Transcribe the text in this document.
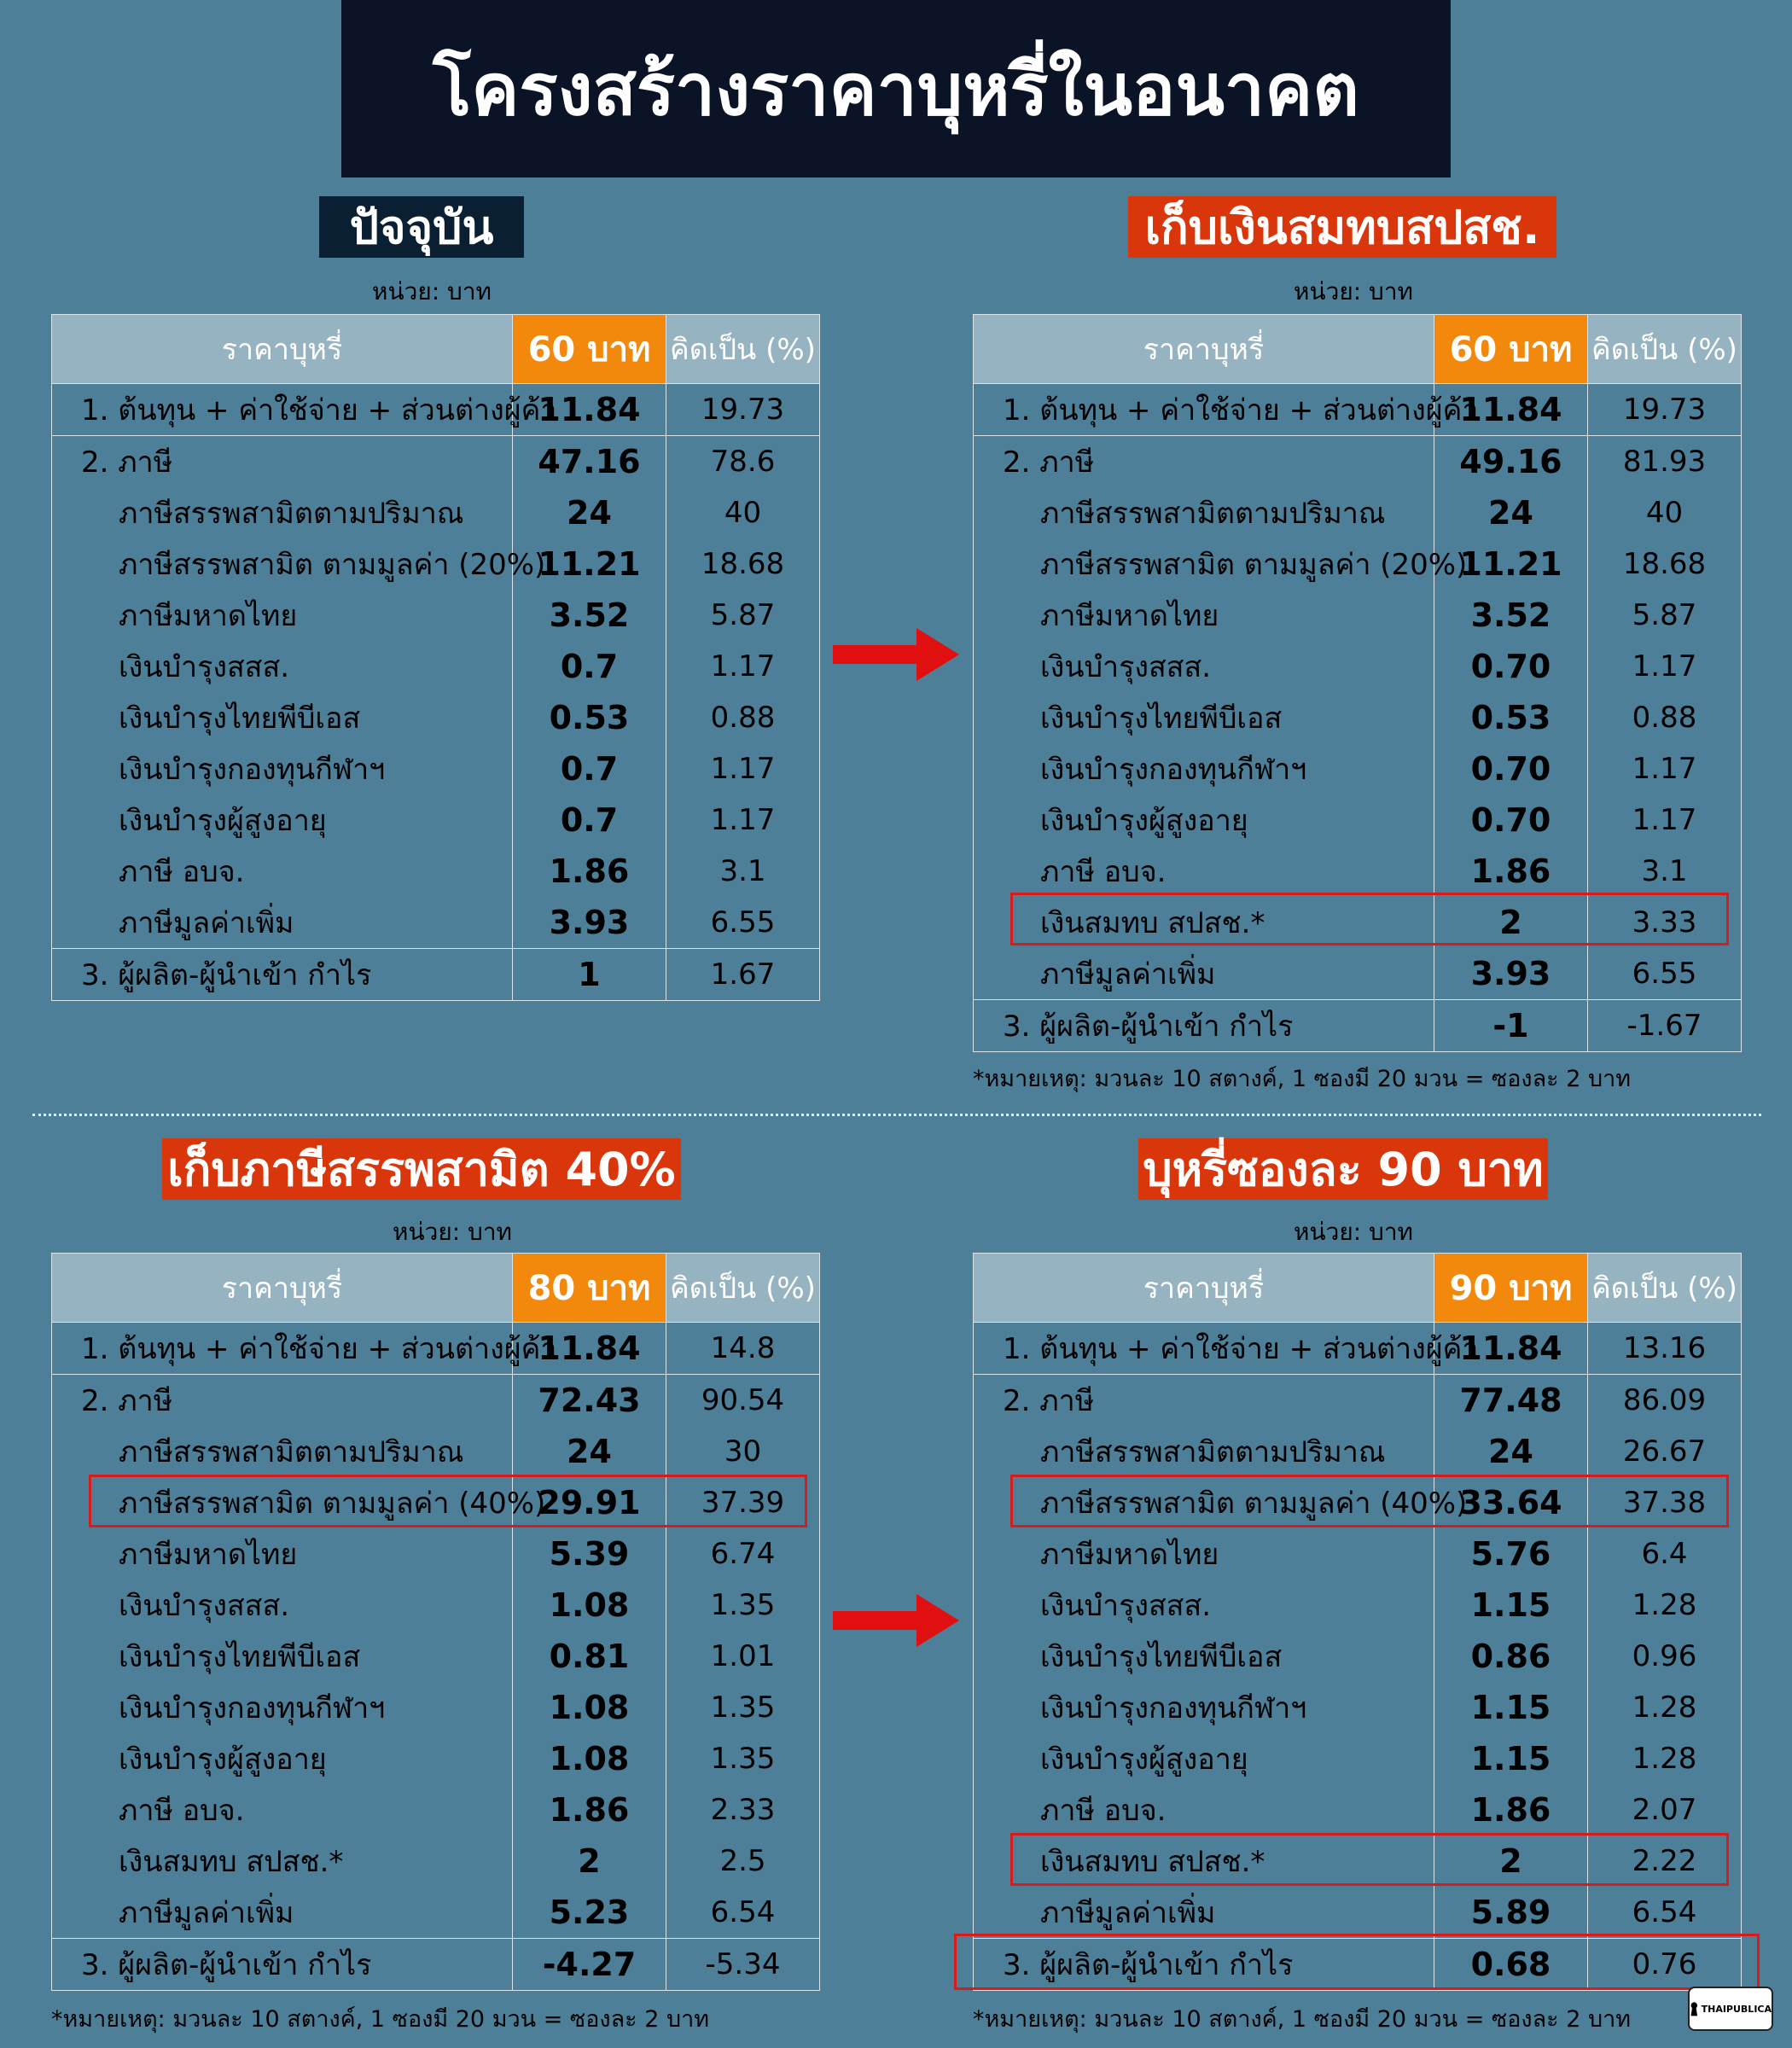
โครงสร้างราคาบุหรี่ในอนาคต
ปัจจุบัน	เก็บเงินสมทบสปสช.
เก็บภาษีสรรพสามิต 40%	บุหรี่ซองละ 90 บาท
หน่วย: บาท	หน่วย: บาท
หน่วย: บาท	หน่วย: บาท
ราคาบุหรี่	60 บาท	คิดเป็น (%)
1. ต้นทุน + ค่าใช้จ่าย + ส่วนต่างผู้ค้า	11.84	19.73
2. ภาษี	47.16	78.6
ภาษีสรรพสามิตตามปริมาณ	24	40
ภาษีสรรพสามิต ตามมูลค่า (20%)	11.21	18.68
ภาษีมหาดไทย	3.52	5.87
เงินบำรุงสสส.	0.7	1.17
เงินบำรุงไทยพีบีเอส	0.53	0.88
เงินบำรุงกองทุนกีฬาฯ	0.7	1.17
เงินบำรุงผู้สูงอายุ	0.7	1.17
ภาษี อบจ.	1.86	3.1
ภาษีมูลค่าเพิ่ม	3.93	6.55
3. ผู้ผลิต-ผู้นำเข้า กำไร	1	1.67
ราคาบุหรี่	60 บาท	คิดเป็น (%)
1. ต้นทุน + ค่าใช้จ่าย + ส่วนต่างผู้ค้า	11.84	19.73
2. ภาษี	49.16	81.93
ภาษีสรรพสามิตตามปริมาณ	24	40
ภาษีสรรพสามิต ตามมูลค่า (20%)	11.21	18.68
ภาษีมหาดไทย	3.52	5.87
เงินบำรุงสสส.	0.70	1.17
เงินบำรุงไทยพีบีเอส	0.53	0.88
เงินบำรุงกองทุนกีฬาฯ	0.70	1.17
เงินบำรุงผู้สูงอายุ	0.70	1.17
ภาษี อบจ.	1.86	3.1
เงินสมทบ สปสช.*	2	3.33
ภาษีมูลค่าเพิ่ม	3.93	6.55
3. ผู้ผลิต-ผู้นำเข้า กำไร	-1	-1.67
ราคาบุหรี่	80 บาท	คิดเป็น (%)
1. ต้นทุน + ค่าใช้จ่าย + ส่วนต่างผู้ค้า	11.84	14.8
2. ภาษี	72.43	90.54
ภาษีสรรพสามิตตามปริมาณ	24	30
ภาษีสรรพสามิต ตามมูลค่า (40%)	29.91	37.39
ภาษีมหาดไทย	5.39	6.74
เงินบำรุงสสส.	1.08	1.35
เงินบำรุงไทยพีบีเอส	0.81	1.01
เงินบำรุงกองทุนกีฬาฯ	1.08	1.35
เงินบำรุงผู้สูงอายุ	1.08	1.35
ภาษี อบจ.	1.86	2.33
เงินสมทบ สปสช.*	2	2.5
ภาษีมูลค่าเพิ่ม	5.23	6.54
3. ผู้ผลิต-ผู้นำเข้า กำไร	-4.27	-5.34
ราคาบุหรี่	90 บาท	คิดเป็น (%)
1. ต้นทุน + ค่าใช้จ่าย + ส่วนต่างผู้ค้า	11.84	13.16
2. ภาษี	77.48	86.09
ภาษีสรรพสามิตตามปริมาณ	24	26.67
ภาษีสรรพสามิต ตามมูลค่า (40%)	33.64	37.38
ภาษีมหาดไทย	5.76	6.4
เงินบำรุงสสส.	1.15	1.28
เงินบำรุงไทยพีบีเอส	0.86	0.96
เงินบำรุงกองทุนกีฬาฯ	1.15	1.28
เงินบำรุงผู้สูงอายุ	1.15	1.28
ภาษี อบจ.	1.86	2.07
เงินสมทบ สปสช.*	2	2.22
ภาษีมูลค่าเพิ่ม	5.89	6.54
3. ผู้ผลิต-ผู้นำเข้า กำไร	0.68	0.76
*หมายเหตุ: มวนละ 10 สตางค์, 1 ซองมี 20 มวน = ซองละ 2 บาท
*หมายเหตุ: มวนละ 10 สตางค์, 1 ซองมี 20 มวน = ซองละ 2 บาท	*หมายเหตุ: มวนละ 10 สตางค์, 1 ซองมี 20 มวน = ซองละ 2 บาท	THAIPUBLICA
